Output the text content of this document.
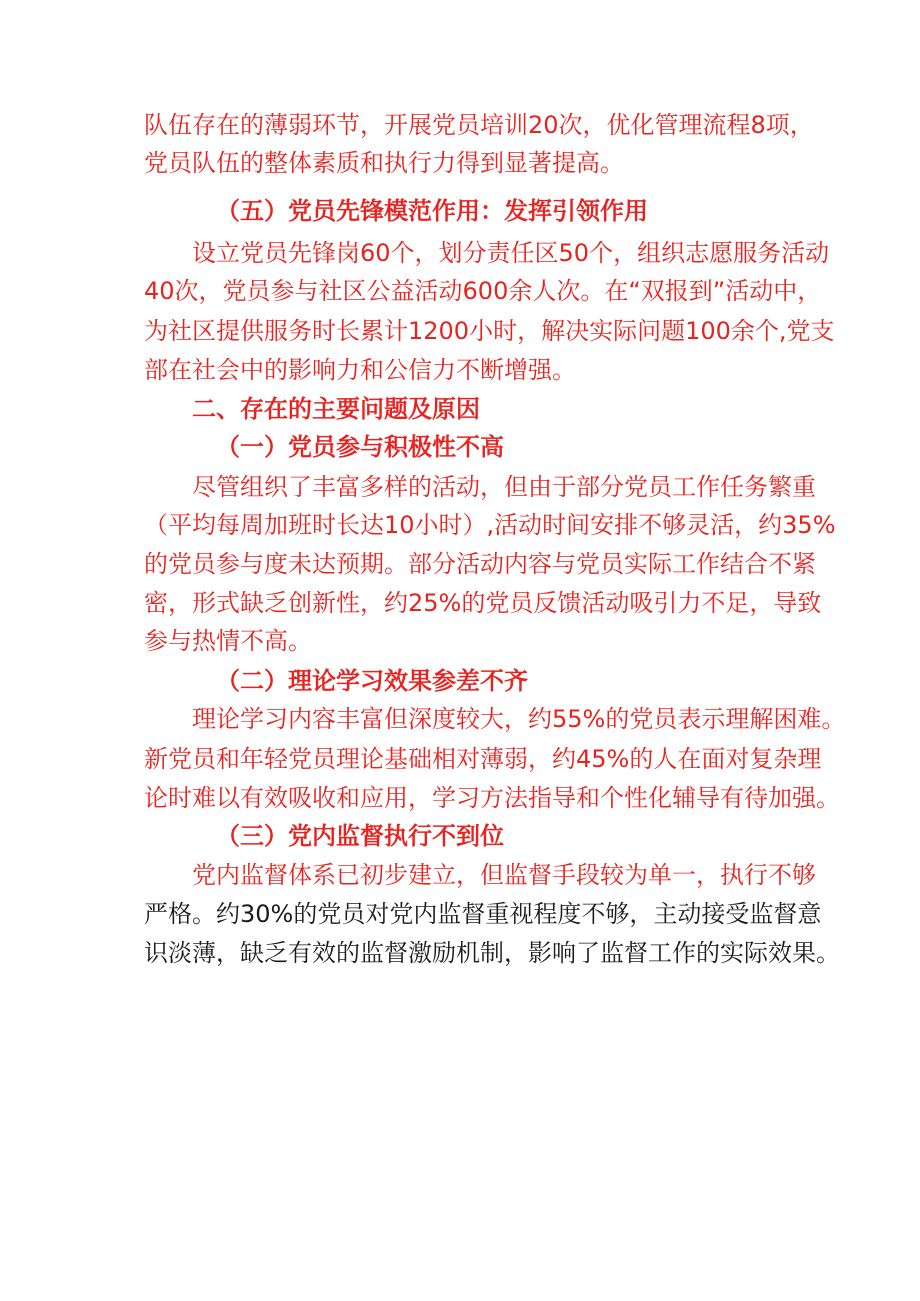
队伍存在的薄弱环节，开展党员培训20次，优化管理流程8项，
党员队伍的整体素质和执行力得到显著提高。
（五）党员先锋模范作用：发挥引领作用
设立党员先锋岗60个，划分责任区50个，组织志愿服务活动
40次，党员参与社区公益活动600余人次。在“双报到”活动中，
为社区提供服务时长累计1200小时，解决实际问题100余个,党支
部在社会中的影响力和公信力不断增强。
二、存在的主要问题及原因
（一）党员参与积极性不高
尽管组织了丰富多样的活动，但由于部分党员工作任务繁重
（平均每周加班时长达10小时）,活动时间安排不够灵活，约35%
的党员参与度未达预期。部分活动内容与党员实际工作结合不紧
密，形式缺乏创新性，约25%的党员反馈活动吸引力不足，导致
参与热情不高。
（二）理论学习效果参差不齐
理论学习内容丰富但深度较大，约55%的党员表示理解困难。
新党员和年轻党员理论基础相对薄弱，约45%的人在面对复杂理
论时难以有效吸收和应用，学习方法指导和个性化辅导有待加强。
（三）党内监督执行不到位
党内监督体系已初步建立，但监督手段较为单一，执行不够
严格。约30%的党员对党内监督重视程度不够，主动接受监督意
识淡薄，缺乏有效的监督激励机制，影响了监督工作的实际效果。
